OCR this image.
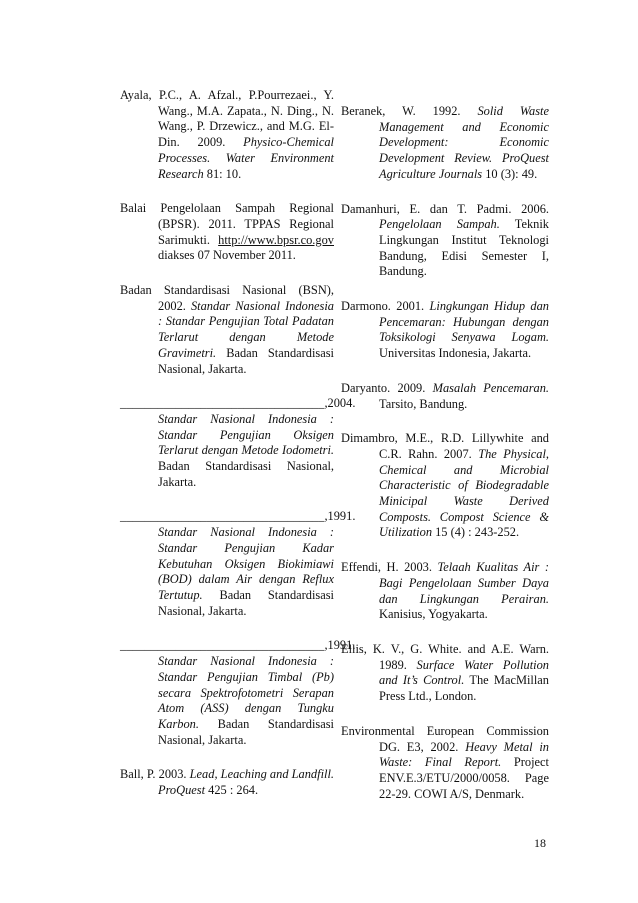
Ayala, P.C., A. Afzal., P.Pourrezaei., Y. Wang., M.A. Zapata., N. Ding., N. Wang., P. Drzewicz., and M.G. El-Din. 2009. Physico-Chemical Processes. Water Environment Research 81: 10.

Balai Pengelolaan Sampah Regional (BPSR). 2011. TPPAS Regional Sarimukti. http://www.bpsr.co.gov diakses 07 November 2011.

Badan Standardisasi Nasional (BSN), 2002. Standar Nasional Indonesia : Standar Pengujian Total Padatan Terlarut dengan Metode Gravimetri. Badan Standardisasi Nasional, Jakarta.

_________________________________,2004. Standar Nasional Indonesia : Standar Pengujian Oksigen Terlarut dengan Metode Iodometri. Badan Standardisasi Nasional, Jakarta.

_________________________________,1991. Standar Nasional Indonesia : Standar Pengujian Kadar Kebutuhan Oksigen Biokimiawi (BOD) dalam Air dengan Reflux Tertutup. Badan Standardisasi Nasional, Jakarta.

_________________________________,1991. Standar Nasional Indonesia : Standar Pengujian Timbal (Pb) secara Spektrofotometri Serapan Atom (ASS) dengan Tungku Karbon. Badan Standardisasi Nasional, Jakarta.

Ball, P. 2003. Lead, Leaching and Landfill. ProQuest 425 : 264.

Beranek, W. 1992. Solid Waste Management and Economic Development: Economic Development Review. ProQuest Agriculture Journals 10 (3): 49.

Damanhuri, E. dan T. Padmi. 2006. Pengelolaan Sampah. Teknik Lingkungan Institut Teknologi Bandung, Edisi Semester I, Bandung.

Darmono. 2001. Lingkungan Hidup dan Pencemaran: Hubungan dengan Toksikologi Senyawa Logam. Universitas Indonesia, Jakarta.

Daryanto. 2009. Masalah Pencemaran. Tarsito, Bandung.

Dimambro, M.E., R.D. Lillywhite and C.R. Rahn. 2007. The Physical, Chemical and Microbial Characteristic of Biodegradable Minicipal Waste Derived Composts. Compost Science & Utilization 15 (4) : 243-252.

Effendi, H. 2003. Telaah Kualitas Air : Bagi Pengelolaan Sumber Daya dan Lingkungan Perairan. Kanisius, Yogyakarta.

Ellis, K. V., G. White. and A.E. Warn. 1989. Surface Water Pollution and It’s Control. The MacMillan Press Ltd., London.

Environmental European Commission DG. E3, 2002. Heavy Metal in Waste: Final Report. Project ENV.E.3/ETU/2000/0058. Page 22-29. COWI A/S, Denmark.

18
